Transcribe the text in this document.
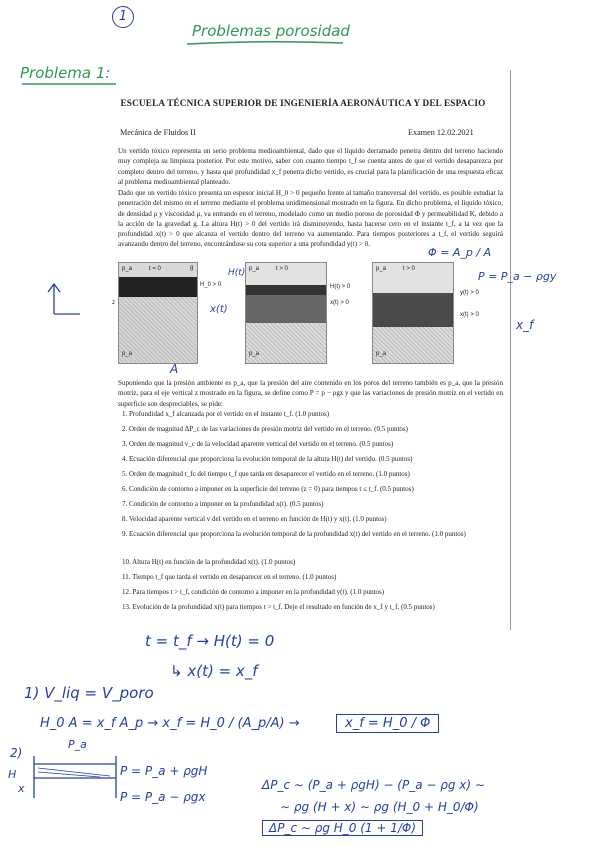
1
Problemas porosidad
Problema 1:
ESCUELA TÉCNICA SUPERIOR DE INGENIERÍA AERONÁUTICA Y DEL ESPACIO
Mecánica de Fluidos II	Examen 12.02.2021
Un vertido tóxico representa un serio problema medioambiental, dado que el líquido derramado penetra dentro del terreno haciendo muy compleja su limpieza posterior. Por este motivo, saber con cuanto tiempo t_f se cuenta antes de que el vertido desaparezca por completo dentro del terreno, y hasta qué profundidad x_f penetra dicho vertido, es crucial para la planificación de una respuesta eficaz al problema medioambiental planteado.
Dado que un vertido tóxico presenta un espesor inicial H_0 > 0 pequeño frente al tamaño transversal del vertido, es posible estudiar la penetración del mismo en el terreno mediante el problema unidimensional mostrado en la figura. En dicho problema, el líquido tóxico, de densidad ρ y viscosidad μ, va entrando en el terreno, modelado como un medio poroso de porosidad Φ y permeabilidad K, debido a la acción de la gravedad g. La altura H(t) > 0 del vertido irá disminuyendo, hasta hacerse cero en el instante t_f, a la vez que la profundidad x(t) > 0 que alcanza el vertido dentro del terreno va aumentando. Para tiempos posteriores a t_f, el vertido seguirá avanzando dentro del terreno, encontrándose su cota superior a una profundidad y(t) > 0.
p_a	t = 0
p_a
H_0 > 0
g	p_a	t > 0
p_a
H(t) > 0
x(t) > 0
p_a	t > 0
p_a
y(t) > 0
x(t) > 0
z
Suponiendo que la presión ambiente es p_a, que la presión del aire contenido en los poros del terreno también es p_a, que la presión motriz, para el eje vertical z mostrado en la figura, se define como P = p − ρgz y que las variaciones de presión motriz en el vertido en superficie son despreciables, se pide:
1. Profundidad x_f alcanzada por el vertido en el instante t_f. (1.0 puntos)
2. Orden de magnitud ΔP_c de las variaciones de presión motriz del vertido en el terreno. (0.5 puntos)
3. Orden de magnitud v_c de la velocidad aparente vertical del vertido en el terreno. (0.5 puntos)
4. Ecuación diferencial que proporciona la evolución temporal de la altura H(t) del vertido. (0.5 puntos)
5. Orden de magnitud t_fc del tiempo t_f que tarda en desaparecer el vertido en el terreno. (1.0 puntos)
6. Condición de contorno a imponer en la superficie del terreno (z = 0) para tiempos t ≤ t_f. (0.5 puntos)
7. Condición de contorno a imponer en la profundidad x(t). (0.5 puntos)
8. Velocidad aparente vertical v del vertido en el terreno en función de H(t) y x(t). (1.0 puntos)
9. Ecuación diferencial que proporciona la evolución temporal de la profundidad x(t) del vertido en el terreno. (1.0 puntos)
10. Altura H(t) en función de la profundidad x(t). (1.0 puntos)
11. Tiempo t_f que tarda el vertido en desaparecer en el terreno. (1.0 puntos)
12. Para tiempos t > t_f, condición de contorno a imponer en la profundidad y(t). (1.0 puntos)
13. Evolución de la profundidad x(t) para tiempos t > t_f. Deje el resultado en función de x_f y t_f. (0.5 puntos)
Φ = A_p / A
P = P_a − ρgy
x_f
A
H(t)
x(t)
t = t_f → H(t) = 0
↳ x(t) = x_f
1) V_liq = V_poro
H_0 A = x_f A_p → x_f = H_0 / (A_p/A) →	x_f = H_0 / Φ
2)
P_a
H
x
P = P_a + ρgH
P = P_a − ρgx
ΔP_c ∼ (P_a + ρgH) − (P_a − ρg x) ∼
∼ ρg (H + x) ∼ ρg (H_0 + H_0/Φ)
ΔP_c ∼ ρg H_0 (1 + 1/Φ)
